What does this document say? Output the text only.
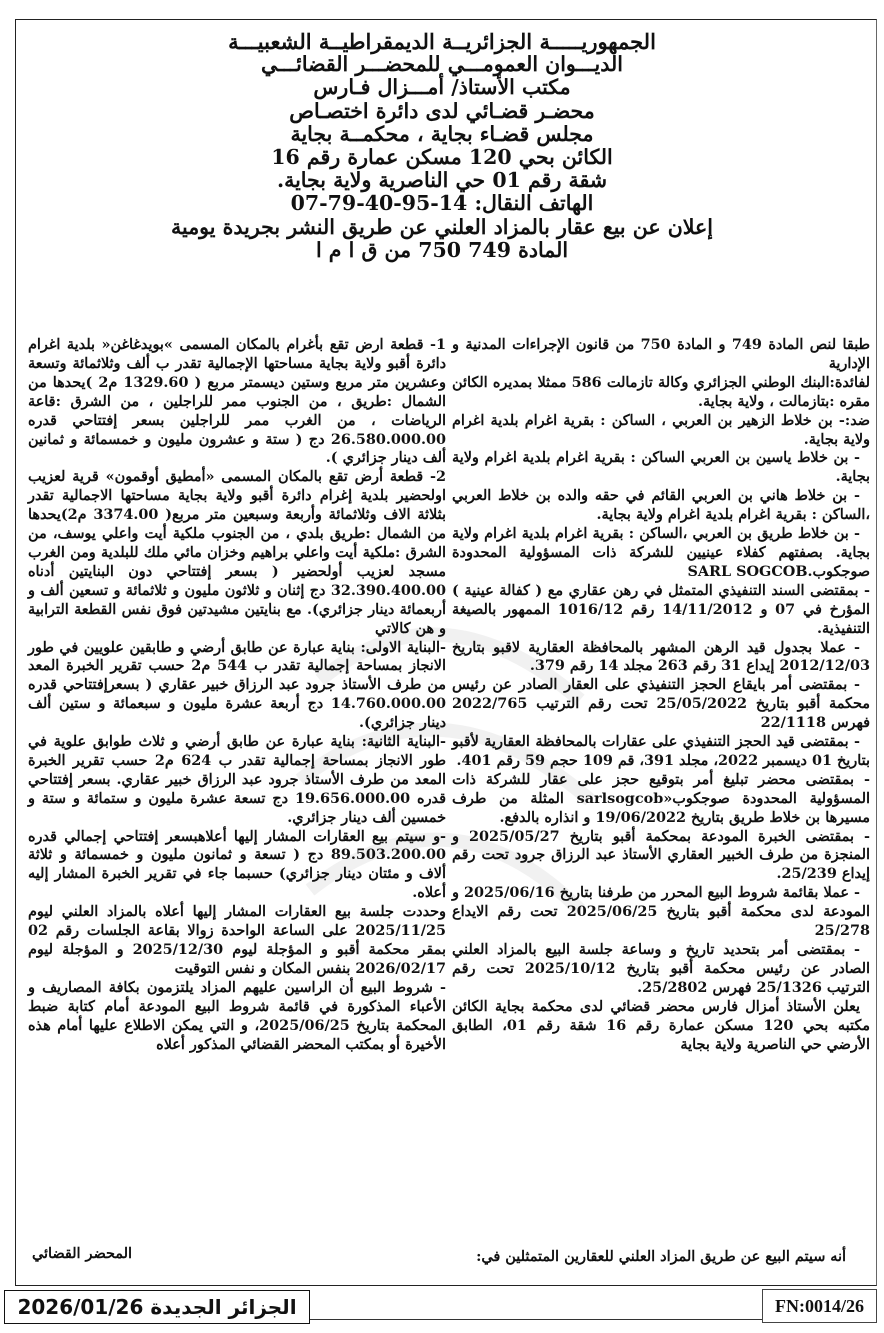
الجمهوريـــــة الجزائريــة الديمقراطيــة الشعبيـــة
الديـــوان العمومـــي للمحضـــر القضائـــي
مكتب الأستاذ/ أمـــزال فـارس
محضـر قضـائي لدى دائرة اختصـاص
مجلس قضـاء بجاية ، محكمــة بجاية
الكائن بحي 120 مسكن عمارة رقم 16
شقة رقم 01 حي الناصرية ولاية بجاية.
الهاتف النقال: 14-95-40-79-07
إعلان عن بيع عقار بالمزاد العلني عن طريق النشر بجريدة يومية
المادة 749 750 من ق ا م ا

طبقا لنص المادة 749 و المادة 750 من قانون الإجراءات المدنية و الإدارية

لفائدة:البنك الوطني الجزائري وكالة تازمالت 586 ممثلا بمديره الكائن مقره :بتازمالت ، ولاية بجاية.

ضد:- بن خلاط الزهير بن العربي ، الساكن : بقرية اغرام بلدية اغرام ولاية بجاية.

- بن خلاط ياسين بن العربي الساكن : بقرية اغرام بلدية اغرام ولاية بجاية.

- بن خلاط هاني بن العربي القائم في حقه والده بن خلاط العربي ،الساكن : بقرية اغرام بلدية اغرام ولاية بجاية.

- بن خلاط طريق بن العربي ،الساكن : بقرية اغرام بلدية اغرام ولاية بجاية. بصفتهم كفلاء عينيين للشركة ذات المسؤولية المحدودة صوجكوب.SARL SOGCOB

- بمقتضى السند التنفيذي المتمثل في رهن عقاري مع ( كفالة عينية ) المؤرخ في 07 و 14/11/2012 رقم 1016/12 الممهور بالصيغة التنفيذية.

- عملا بجدول قيد الرهن المشهر بالمحافظة العقارية لاقبو بتاريخ 2012/12/03 إيداع 31 رقم 263 مجلد 14 رقم 379.

- بمقتضى أمر بايقاع الحجز التنفيذي على العقار الصادر عن رئيس محكمة أقبو بتاريخ 25/05/2022 تحت رقم الترتيب 2022/765 فهرس 22/1118

- بمقتضى قيد الحجز التنفيذي على عقارات بالمحافظة العقارية لأقبو بتاريخ 01 ديسمبر 2022، مجلد 391، قم 109 حجم 59 رقم 401.

- بمقتضى محضر تبليغ أمر بتوقيع حجز على عقار للشركة ذات المسؤولية المحدودة صوجكوب«sarlsogcob المثلة من طرف مسيرها بن خلاط طريق بتاريخ 19/06/2022 و انذاره بالدفع.

- بمقتضى الخبرة المودعة بمحكمة أقبو بتاريخ 2025/05/27 و المنجزة من طرف الخبير العقاري الأستاذ عبد الرزاق جرود تحت رقم إيداع 25/239.

- عملا بقائمة شروط البيع المحرر من طرفنا بتاريخ 2025/06/16 و المودعة لدى محكمة أقبو بتاريخ 2025/06/25 تحت رقم الايداع 25/278

- بمقتضى أمر بتحديد تاريخ و وساعة جلسة البيع بالمزاد العلني الصادر عن رئيس محكمة أقبو بتاريخ 2025/10/12 تحت رقم الترتيب 25/1326 فهرس 25/2802.

يعلن الأستاذ أمزال فارس محضر قضائي لدى محكمة بجاية الكائن مكتبه بحي 120 مسكن عمارة رقم 16 شقة رقم 01، الطابق الأرضي حي الناصرية ولاية بجاية

أنه سيتم البيع عن طريق المزاد العلني للعقارين المتمثلين في:

1- قطعة ارض تقع بأغرام بالمكان المسمى »بويدغاغن« بلدية اغرام دائرة أقبو ولاية بجاية مساحتها الإجمالية تقدر ب ألف وثلاثمائة وتسعة وعشرين متر مربع وستين ديسمتر مربع ( 1329.60 م2 )يحدها من الشمال :طريق ، من الجنوب ممر للراجلين ، من الشرق :قاعة الرياضات ، من الغرب ممر للراجلين بسعر إفتتاحي قدره 26.580.000.00 دج ( ستة و عشرون مليون و خمسمائة و ثمانين ألف دينار جزائري ).

2- قطعة أرض تقع بالمكان المسمى «أمطيق أوقمون» قرية لعزيب اولحضير بلدية إغرام دائرة أقبو ولاية بجاية مساحتها الاجمالية تقدر بثلاثة الاف وثلاثمائة وأربعة وسبعين متر مربع( 3374.00 م2)يحدها من الشمال :طريق بلدي ، من الجنوب ملكية أيت واعلي يوسف، من الشرق :ملكية أيت واعلي براهيم وخزان مائي ملك للبلدية ومن الغرب مسجد لعزيب أولحضير ( بسعر إفتتاحي دون البنايتين أدناه 32.390.400.00 دج إثنان و ثلاثون مليون و ثلاثمائة و تسعين ألف و أربعمائة دينار جزائري). مع بنايتين مشيدتين فوق نفس القطعة الترابية و هن كالاتي

-البناية الاولى: بناية عبارة عن طابق أرضي و طابقين علويين في طور الانجاز بمساحة إجمالية تقدر ب 544 م2 حسب تقرير الخبرة المعد من طرف الأستاذ جرود عبد الرزاق خبير عقاري ( بسعرإفتتاحي قدره 14.760.000.00 دج أربعة عشرة مليون و سبعمائة و ستين ألف دينار جزائري).

-البناية الثانية: بناية عبارة عن طابق أرضي و ثلاث طوابق علوية في طور الانجاز بمساحة إجمالية تقدر ب 624 م2 حسب تقرير الخبرة المعد من طرف الأستاذ جرود عبد الرزاق خبير عقاري. بسعر إفتتاحي قدره 19.656.000.00 دج تسعة عشرة مليون و ستمائة و ستة و خمسين ألف دينار جزائري.

-و سيتم بيع العقارات المشار إليها أعلاهبسعر إفتتاحي إجمالي قدره 89.503.200.00 دج ( تسعة و ثمانون مليون و خمسمائة و ثلاثة ألاف و مئتان دينار جزائري) حسبما جاء في تقرير الخبرة المشار إليه أعلاه.

وحددت جلسة بيع العقارات المشار إليها أعلاه بالمزاد العلني ليوم 2025/11/25 على الساعة الواحدة زوالا بقاعة الجلسات رقم 02 بمقر محكمة أقبو و المؤجلة ليوم 2025/12/30 و المؤجلة ليوم 2026/02/17 بنفس المكان و نفس التوقيت

- شروط البيع أن الراسين عليهم المزاد يلتزمون بكافة المصاريف و الأعباء المذكورة في قائمة شروط البيع المودعة أمام كتابة ضبط المحكمة بتاريخ 2025/06/25، و التي يمكن الاطلاع عليها أمام هذه الأخيرة أو بمكتب المحضر القضائي المذكور أعلاه

المحضر القضائي
الجزائر الجديدة 2026/01/26	FN:0014/26
